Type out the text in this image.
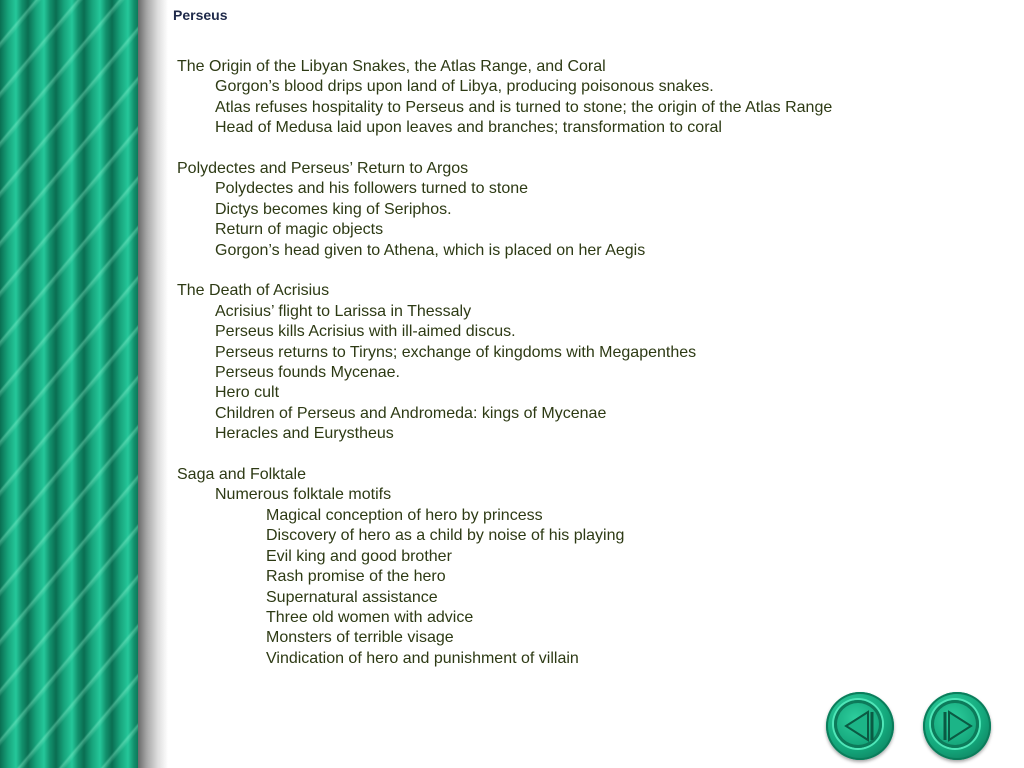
Perseus
The Origin of the Libyan Snakes, the Atlas Range, and Coral
Gorgon’s blood drips upon land of Libya, producing poisonous snakes.
Atlas refuses hospitality to Perseus and is turned to stone; the origin of the Atlas Range
Head of Medusa laid upon leaves and branches; transformation to coral
Polydectes and Perseus’ Return to Argos
Polydectes and his followers turned to stone
Dictys becomes king of Seriphos.
Return of magic objects
Gorgon’s head given to Athena, which is placed on her Aegis
The Death of Acrisius
Acrisius’ flight to Larissa in Thessaly
Perseus kills Acrisius with ill-aimed discus.
Perseus returns to Tiryns; exchange of kingdoms with Megapenthes
Perseus founds Mycenae.
Hero cult
Children of Perseus and Andromeda: kings of Mycenae
Heracles and Eurystheus
Saga and Folktale
Numerous folktale motifs
Magical conception of hero by princess
Discovery of hero as a child by noise of his playing
Evil king and good brother
Rash promise of the hero
Supernatural assistance
Three old women with advice
Monsters of terrible visage
Vindication of hero and punishment of villain
